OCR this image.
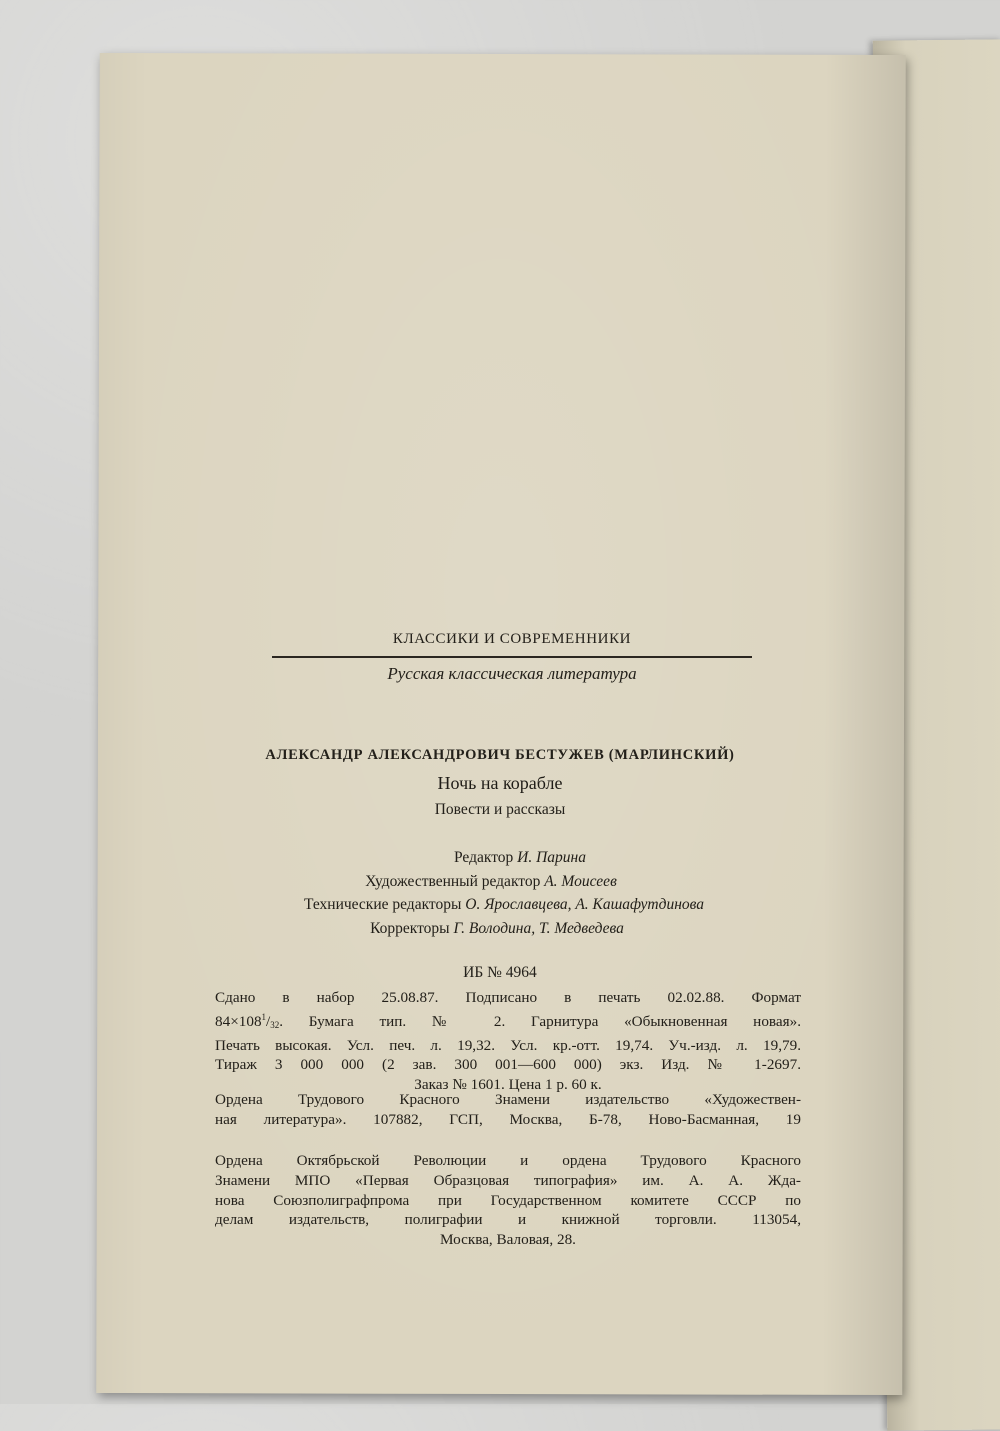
КЛАССИКИ И СОВРЕМЕННИКИ
Русская классическая литература
АЛЕКСАНДР АЛЕКСАНДРОВИЧ БЕСТУЖЕВ (МАРЛИНСКИЙ)
Ночь на корабле
Повести и рассказы
Редактор И. Парина
Художественный редактор А. Моисеев
Технические редакторы О. Ярославцева, А. Кашафутдинова
Корректоры Г. Володина, Т. Медведева
ИБ № 4964
Сдано в набор 25.08.87. Подписано в печать 02.02.88. Формат
$84\times 108^1/_{32}$. Бумага тип. № 2. Гарнитура «Обыкновенная новая».
Печать высокая. Усл. печ. л. 19,32. Усл. кр.-отт. 19,74. Уч.-изд. л. 19,79.
Тираж 3 000 000 (2 зав. 300 001—600 000) экз. Изд. № 1-2697.
Заказ № 1601. Цена 1 р. 60 к.
Ордена Трудового Красного Знамени издательство «Художествен-
ная литература». 107882, ГСП, Москва, Б-78, Ново-Басманная, 19
Ордена Октябрьской Революции и ордена Трудового Красного
Знамени МПО «Первая Образцовая типография» им. А. А. Жда-
нова Союзполиграфпрома при Государственном комитете СССР по
делам издательств, полиграфии и книжной торговли. 113054,
Москва, Валовая, 28.
